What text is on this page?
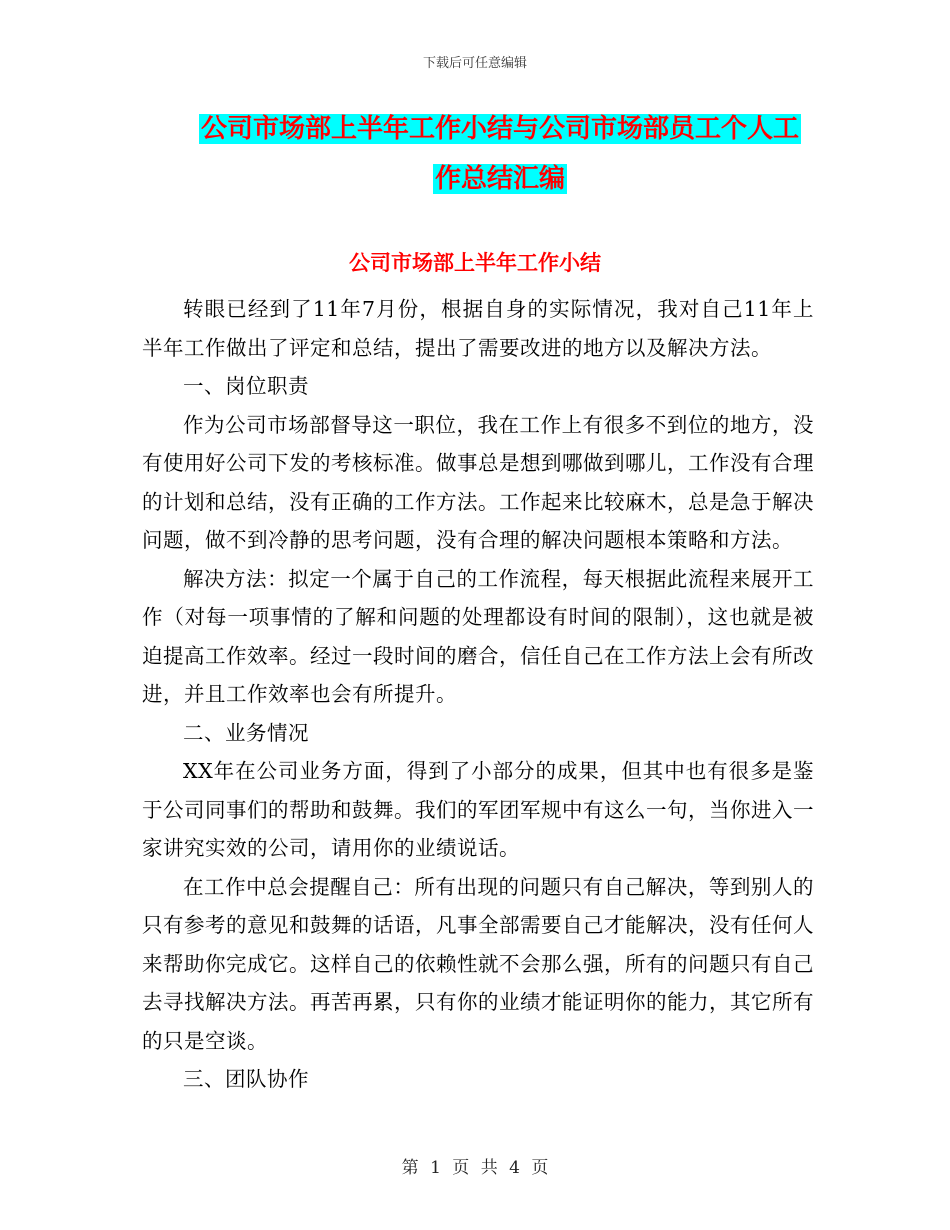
下载后可任意编辑
公司市场部上半年工作小结与公司市场部员工个人工
作总结汇编
公司市场部上半年工作小结

转眼已经到了11年7月份，根据自身的实际情况，我对自己11年上半年工作做出了评定和总结，提出了需要改进的地方以及解决方法。

一、岗位职责

作为公司市场部督导这一职位，我在工作上有很多不到位的地方，没有使用好公司下发的考核标准。做事总是想到哪做到哪儿，工作没有合理的计划和总结，没有正确的工作方法。工作起来比较麻木，总是急于解决问题，做不到冷静的思考问题，没有合理的解决问题根本策略和方法。

解决方法：拟定一个属于自己的工作流程，每天根据此流程来展开工作（对每一项事情的了解和问题的处理都设有时间的限制），这也就是被迫提高工作效率。经过一段时间的磨合，信任自己在工作方法上会有所改进，并且工作效率也会有所提升。

二、业务情况

XX年在公司业务方面，得到了小部分的成果，但其中也有很多是鉴于公司同事们的帮助和鼓舞。我们的军团军规中有这么一句，当你进入一家讲究实效的公司，请用你的业绩说话。

在工作中总会提醒自己：所有出现的问题只有自己解决，等到别人的只有参考的意见和鼓舞的话语，凡事全部需要自己才能解决，没有任何人来帮助你完成它。这样自己的依赖性就不会那么强，所有的问题只有自己去寻找解决方法。再苦再累，只有你的业绩才能证明你的能力，其它所有的只是空谈。

三、团队协作

第 1 页 共 4 页
